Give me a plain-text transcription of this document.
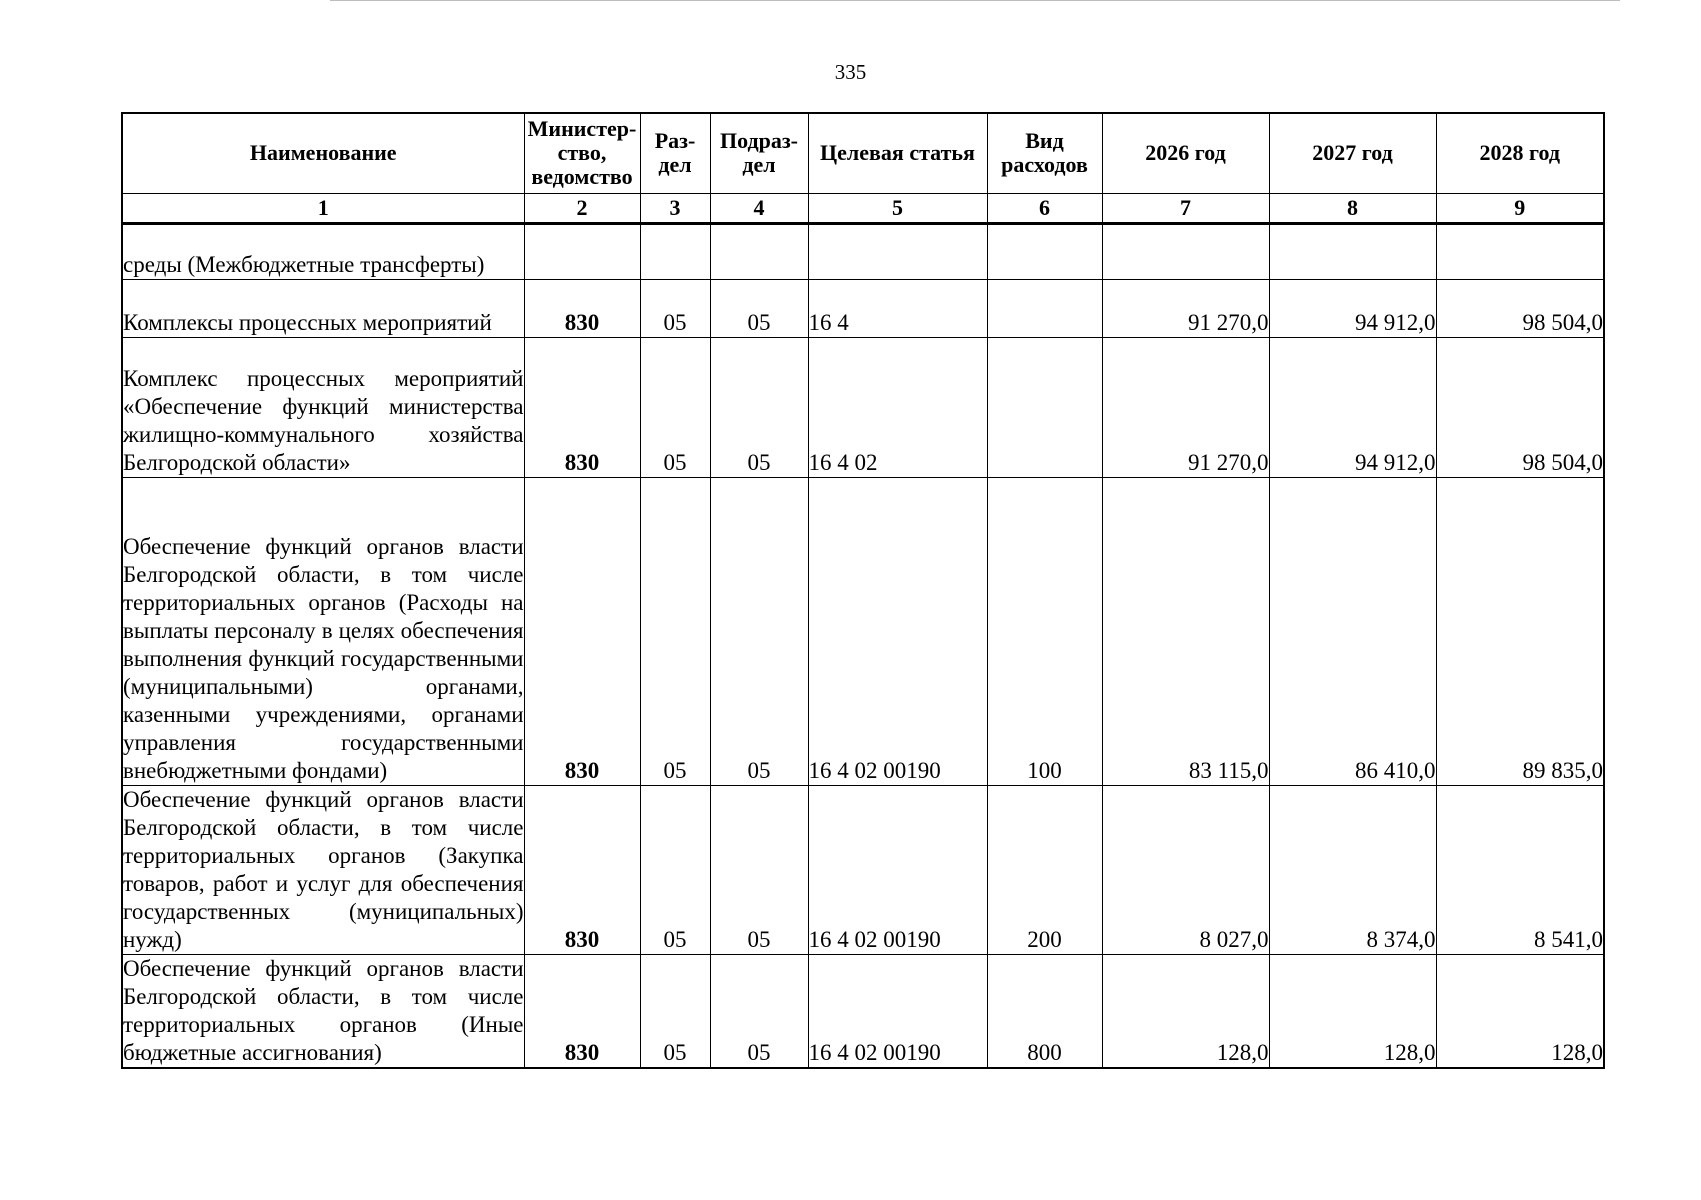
335
Наименование	Министер-ство, ведомство	Раз-дел	Подраз-дел	Целевая статья	Вид расходов	2026 год	2027 год	2028 год
1	2	3	4	5	6	7	8	9
среды (Межбюджетные трансферты)								
Комплексы процессных мероприятий	830	05	05	16 4		91 270,0	94 912,0	98 504,0
Комплекс процессных мероприятий «Обеспечение функций министерства жилищно-коммунального хозяйства Белгородской области»	830	05	05	16 4 02		91 270,0	94 912,0	98 504,0
Обеспечение функций органов власти Белгородской области, в том числе территориальных органов (Расходы на выплаты персоналу в целях обеспечения выполнения функций государственными (муниципальными) органами, казенными учреждениями, органами управления государственными внебюджетными фондами)	830	05	05	16 4 02 00190	100	83 115,0	86 410,0	89 835,0
Обеспечение функций органов власти Белгородской области, в том числе территориальных органов (Закупка товаров, работ и услуг для обеспечения государственных (муниципальных) нужд)	830	05	05	16 4 02 00190	200	8 027,0	8 374,0	8 541,0
Обеспечение функций органов власти Белгородской области, в том числе территориальных органов (Иные бюджетные ассигнования)	830	05	05	16 4 02 00190	800	128,0	128,0	128,0
